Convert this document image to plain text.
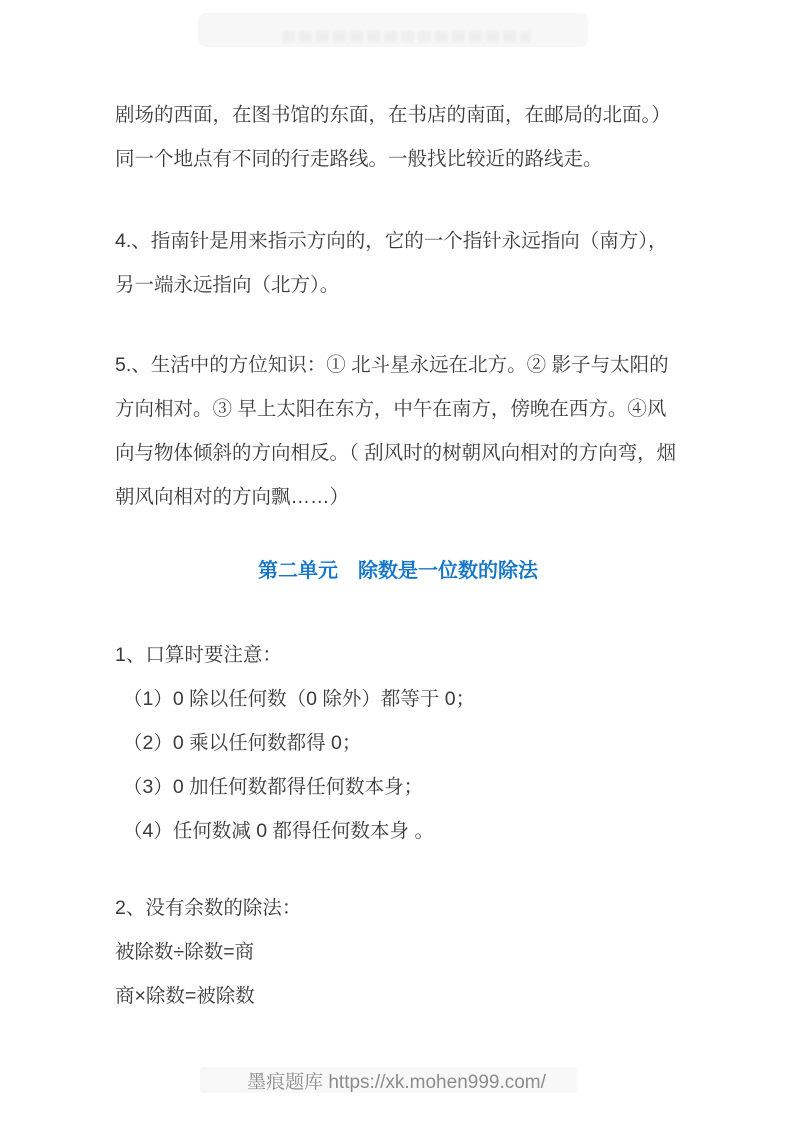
剧场的西面，在图书馆的东面，在书店的南面，在邮局的北面。）
同一个地点有不同的行走路线。一般找比较近的路线走。
4.、指南针是用来指示方向的，它的一个指针永远指向（南方），
另一端永远指向（北方）。
5.、生活中的方位知识：① 北斗星永远在北方。② 影子与太阳的
方向相对。③ 早上太阳在东方，中午在南方，傍晚在西方。④风
向与物体倾斜的方向相反。（ 刮风时的树朝风向相对的方向弯，烟
朝风向相对的方向飘……）
第二单元　除数是一位数的除法
1、口算时要注意：
（1）0 除以任何数（0 除外）都等于 0；
（2）0 乘以任何数都得 0；
（3）0 加任何数都得任何数本身；
（4）任何数减 0 都得任何数本身 。
2、没有余数的除法：
被除数÷除数=商
商×除数=被除数
墨痕题库 https://xk.mohen999.com/
